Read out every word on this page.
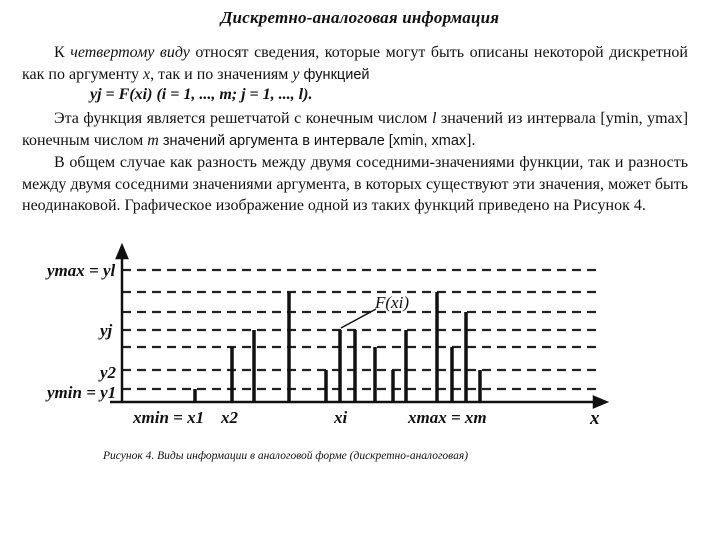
Дискретно-аналоговая информация

К четвертому виду относят сведения, которые могут быть описаны некоторой дискретной как по аргументу x, так и по значениям y функцией

yj = F(xi) (i = 1, ..., m; j = 1, ..., l).

Эта функция является решетчатой с конечным числом l значений из интервала [ymin, ymax] конечным числом m значений аргумента в интервале [xmin, xmax].

В общем случае как разность между двумя соседними-значениями функции, так и разность между двумя соседними значениями аргумента, в которых существуют эти значения, может быть неодинаковой. Графическое изображение одной из таких функций приведено на Рисунок 4.

F(xi)
ymax = yl
yj
y2
ymin = y1
xmin = x1 x2	xi	xmax = xm	x
Рисунок 4. Виды информации в аналоговой форме (дискретно-аналоговая)
